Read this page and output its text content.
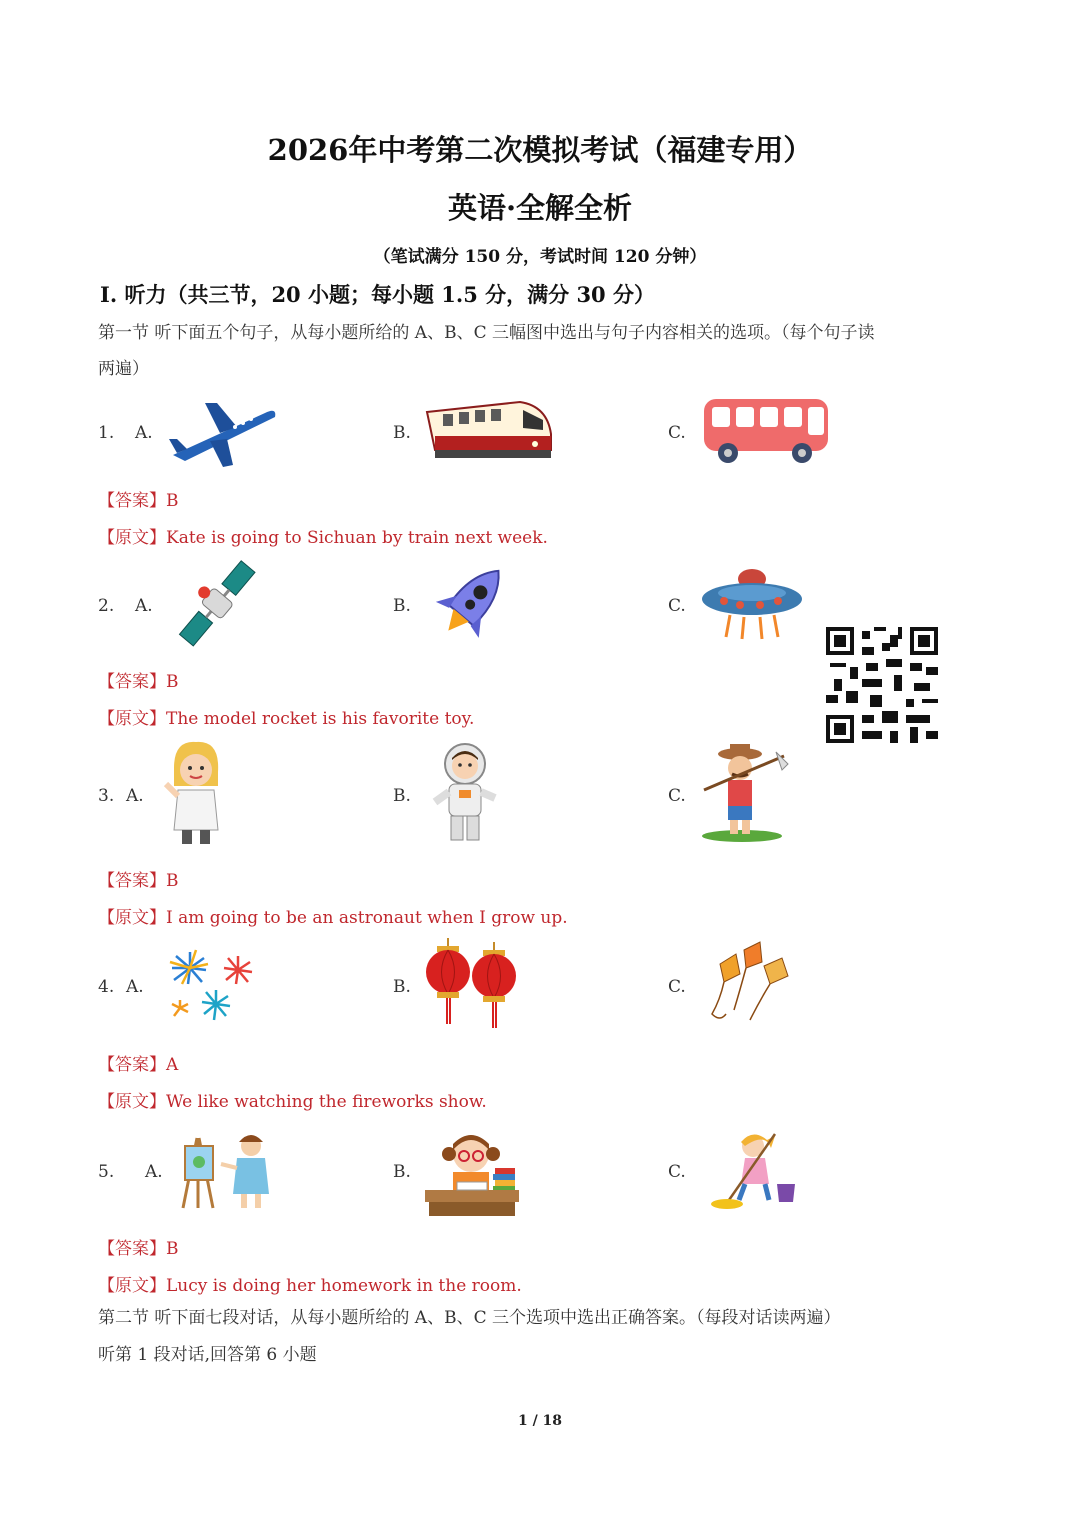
2026年中考第二次模拟考试（福建专用）
英语·全解全析
（笔试满分 150 分，考试时间 120 分钟）
Ⅰ. 听力（共三节，20 小题；每小题 1.5 分，满分 30 分）
第一节 听下面五个句子，从每小题所给的 A、B、C 三幅图中选出与句子内容相关的选项。（每个句子读
两遍）
1. A.	B.	C.
【答案】B
【原文】Kate is going to Sichuan by train next week.
2. A.	B.	C.
【答案】B
【原文】The model rocket is his favorite toy.
3. A.	B.	C.
【答案】B
【原文】I am going to be an astronaut when I grow up.
4. A.	B.	C.
【答案】A
【原文】We like watching the fireworks show.
5. A.	B.	C.
【答案】B
【原文】Lucy is doing her homework in the room.
第二节 听下面七段对话，从每小题所给的 A、B、C 三个选项中选出正确答案。（每段对话读两遍）
听第 1 段对话,回答第 6 小题
1 / 18
